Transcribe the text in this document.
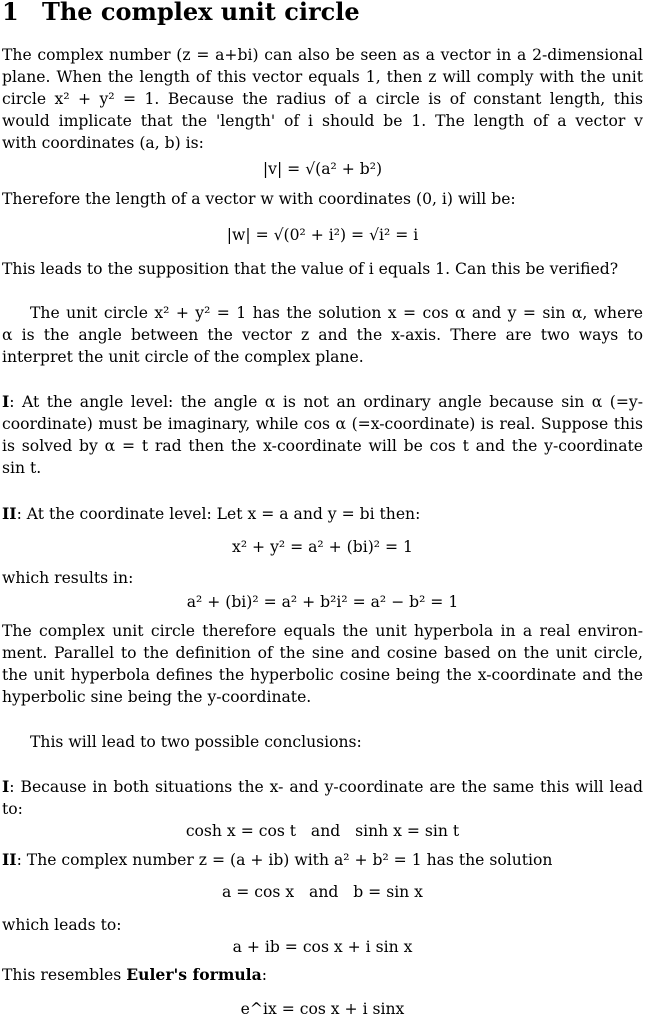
1 The complex unit circle
The complex number (z = a+bi) can also be seen as a vector in a 2-dimensional
plane. When the length of this vector equals 1, then z will comply with the unit
circle x² + y² = 1. Because the radius of a circle is of constant length, this
would implicate that the 'length' of i should be 1. The length of a vector v
with coordinates (a, b) is:
|v| = √(a² + b²)
Therefore the length of a vector w with coordinates (0, i) will be:
|w| = √(0² + i²) = √i² = i
This leads to the supposition that the value of i equals 1. Can this be verified?
The unit circle x² + y² = 1 has the solution x = cos α and y = sin α, where
α is the angle between the vector z and the x-axis. There are two ways to
interpret the unit circle of the complex plane.
I: At the angle level: the angle α is not an ordinary angle because sin α (=y-
coordinate) must be imaginary, while cos α (=x-coordinate) is real. Suppose this
is solved by α = t rad then the x-coordinate will be cos t and the y-coordinate
sin t.
II: At the coordinate level: Let x = a and y = bi then:
x² + y² = a² + (bi)² = 1
which results in:
a² + (bi)² = a² + b²i² = a² − b² = 1
The complex unit circle therefore equals the unit hyperbola in a real environ-
ment. Parallel to the definition of the sine and cosine based on the unit circle,
the unit hyperbola defines the hyperbolic cosine being the x-coordinate and the
hyperbolic sine being the y-coordinate.
This will lead to two possible conclusions:
I: Because in both situations the x- and y-coordinate are the same this will lead
to:
cosh x = cos t   and   sinh x = sin t
II: The complex number z = (a + ib) with a² + b² = 1 has the solution
a = cos x   and   b = sin x
which leads to:
a + ib = cos x + i sin x
This resembles Euler's formula:
e^ix = cos x + i sinx
